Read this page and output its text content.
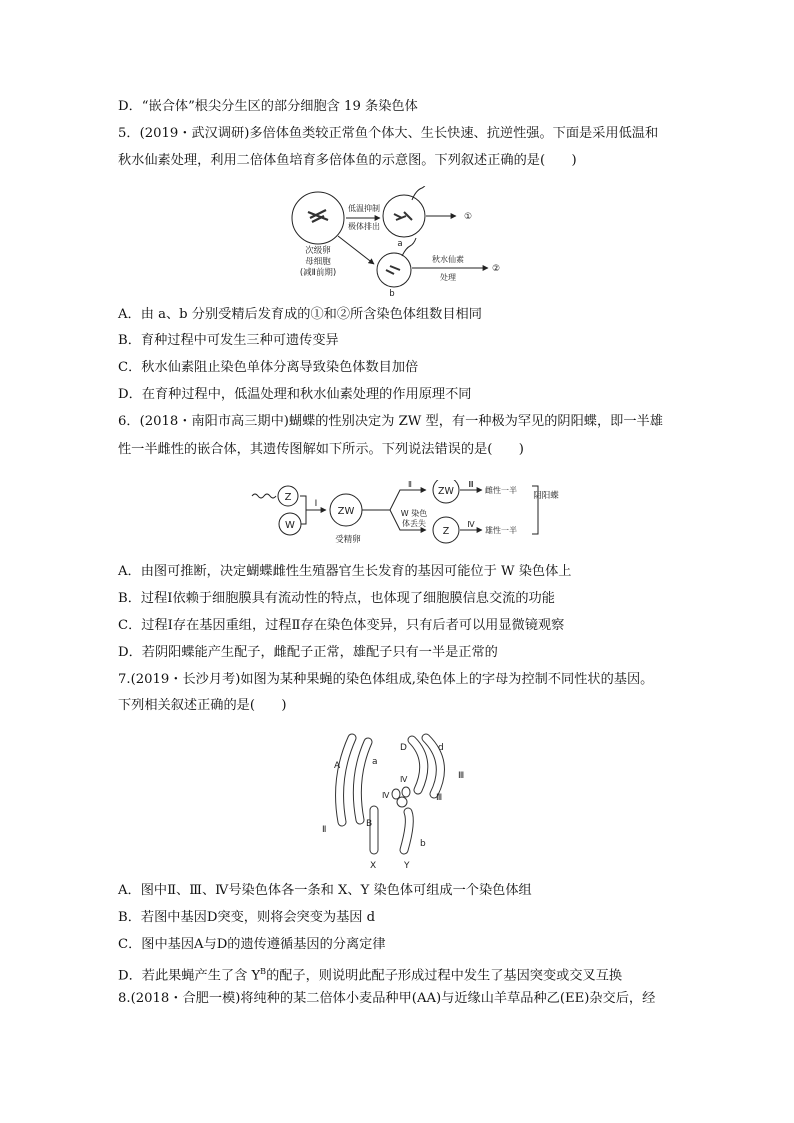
D．“嵌合体”根尖分生区的部分细胞含 19 条染色体
5．(2019・武汉调研)多倍体鱼类较正常鱼个体大、生长快速、抗逆性强。下面是采用低温和
秋水仙素处理，利用二倍体鱼培育多倍体鱼的示意图。下列叙述正确的是(　　)
次级卵
母细胞
(减Ⅱ前期)
低温抑制
极体排出
a
①
b
秋水仙素
处理
②
A．由 a、b 分别受精后发育成的①和②所含染色体组数目相同
B．育种过程中可发生三种可遗传变异
C．秋水仙素阻止染色单体分离导致染色体数目加倍
D．在育种过程中，低温处理和秋水仙素处理的作用原理不同
6．(2018・南阳市高三期中)蝴蝶的性别决定为 ZW 型，有一种极为罕见的阴阳蝶，即一半雄
性一半雌性的嵌合体，其遗传图解如下所示。下列说法错误的是(　　)
Z
W
Ⅰ
ZW
受精卵
Ⅱ
W 染色
体丢失
ZW
Z
Ⅲ
Ⅳ
雌性一半
雄性一半
阴阳蝶
A．由图可推断，决定蝴蝶雌性生殖器官生长发育的基因可能位于 W 染色体上
B．过程Ⅰ依赖于细胞膜具有流动性的特点，也体现了细胞膜信息交流的功能
C．过程Ⅰ存在基因重组，过程Ⅱ存在染色体变异，只有后者可以用显微镜观察
D．若阴阳蝶能产生配子，雌配子正常，雄配子只有一半是正常的
7.(2019・长沙月考)如图为某种果蝇的染色体组成,染色体上的字母为控制不同性状的基因。
下列相关叙述正确的是(　　)
A	a
Ⅱ
D	d
Ⅲ
Ⅲ
Ⅳ
Ⅳ
B
b
X	Y
A．图中Ⅱ、Ⅲ、Ⅳ号染色体各一条和 X、Y 染色体可组成一个染色体组
B．若图中基因D突变，则将会突变为基因 d
C．图中基因A与D的遗传遵循基因的分离定律
D．若此果蝇产生了含 $Y^B$的配子，则说明此配子形成过程中发生了基因突变或交叉互换
8.(2018・合肥一模)将纯种的某二倍体小麦品种甲(AA)与近缘山羊草品种乙(EE)杂交后，经
